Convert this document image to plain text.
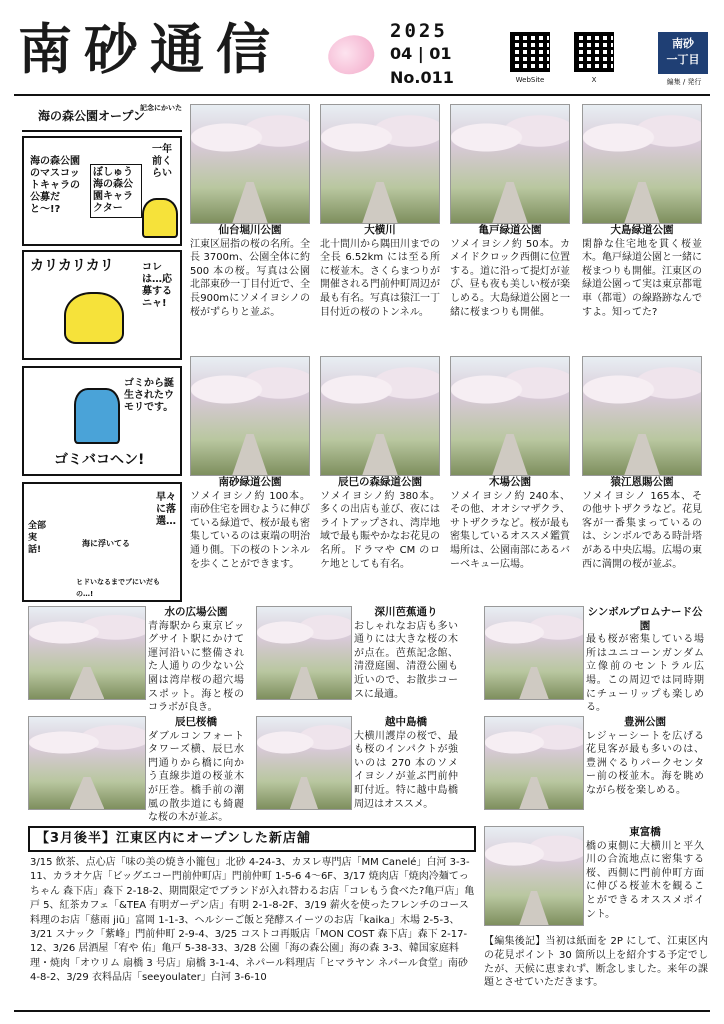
南砂通信	2025
04 | 01
No.011	WebSite	X
南砂
一丁目
編集 / 発行
海の森公園オープン
記念にかいた
海の森公園のマスコットキャラの公募だと〜!?
ぼしゅう海の森公園キャラクター
一年前くらい
カリカリカリ	コレは…応募するニャ!
ゴミから誕生されたウモリです。
ゴミバコヘン!
早々に落選…
海に浮いてる
全部実話!
ヒドいなるまでブにいだもの…!
仙台堀川公園
江東区屈指の桜の名所。全長 3700m、公園全体に約 500 本の桜。写真は公園北部東砂一丁目付近で、全長900mにソメイヨシノの桜がずらりと並ぶ。
大横川
北十間川から隅田川までの全長 6.52km には至る所に桜並木。さくらまつりが開催される門前仲町周辺が最も有名。写真は猿江一丁目付近の桜のトンネル。
亀戸緑道公園
ソメイヨシノ約 50本。カメイドクロック西側に位置する。道に沿って提灯が並び、昼も夜も美しい桜が楽しめる。大島緑道公園と一緒に桜まつりも開催。
大島緑道公園
閑静な住宅地を貫く桜並木。亀戸緑道公園と一緒に桜まつりも開催。江東区の緑道公園って実は東京都電車（都電）の線路跡なんですよ。知ってた?
南砂緑道公園
ソメイヨシノ約 100本。南砂住宅を囲むように伸びている緑道で、桜が最も密集しているのは東端の明治通り側。下の桜のトンネルを歩くことができます。
辰巳の森緑道公園
ソメイヨシノ約 380本。多くの出店も並び、夜にはライトアップされ、湾岸地域で最も賑やかなお花見の名所。ドラマや CM のロケ地としても有名。
木場公園
ソメイヨシノ約 240本、その他、オオシマザクラ、サトザクラなど。桜が最も密集しているオススメ鑑賞場所は、公園南部にあるバーベキュー広場。
猿江恩賜公園
ソメイヨシノ 165本、その他サトザクラなど。花見客が一番集まっているのは、シンボルである時計塔がある中央広場。広場の東西に満開の桜が並ぶ。
水の広場公園
青海駅から東京ビッグサイト駅にかけて運河沿いに整備された人通りの少ない公園は湾岸桜の超穴場スポット。海と桜のコラボが良き。
深川芭蕉通り
おしゃれなお店も多い通りには大きな桜の木が点在。芭蕉記念館、清澄庭園、清澄公園も近いので、お散歩コースに最適。
シンボルプロムナード公園
最も桜が密集している場所はユニコーンガンダム立像前のセントラル広場。この周辺では同時期にチューリップも楽しめる。
辰巳桜橋
ダブルコンフォートタワーズ横、辰巳水門通りから橋に向かう直線歩道の桜並木が圧巻。橋手前の潮風の散歩道にも綺麗な桜の木が並ぶ。
越中島橋
大横川護岸の桜で、最も桜のインパクトが強いのは 270 本のソメイヨシノが並ぶ門前仲町付近。特に越中島橋周辺はオススメ。
豊洲公園
レジャーシートを広げる花見客が最も多いのは、豊洲ぐるりパークセンター前の桜並木。海を眺めながら桜を楽しめる。
東富橋
橋の東側に大横川と平久川の合流地点に密集する桜、西側に門前仲町方面に伸びる桜並木を観ることができるオススメポイント。
【3月後半】江東区内にオープンした新店舗
3/15 飲茶、点心店「味の美の焼き小籠包」北砂 4-24-3、カヌレ専門店「MM Canelé」白河 3-3-11、カラオケ店「ビッグエコー門前仲町店」門前仲町 1-5-6 4〜6F、3/17 焼肉店「焼肉冷麺てっちゃん 森下店」森下 2-18-2、期間限定でブランドが入れ替わるお店「コレもう食べた?亀戸店」亀戸 5、紅茶カフェ「&TEA 有明ガーデン店」有明 2-1-8-2F、3/19 薪火を使ったフレンチのコース料理のお店「慈雨 jiū」富岡 1-1-3、ヘルシーご飯と発酵スイーツのお店「kaika」木場 2-5-3、3/21 スナック「紫峰」門前仲町 2-9-4、3/25 コストコ再販店「MON COST 森下店」森下 2-17-12、3/26 居酒屋「宥や 佑」亀戸 5-38-33、3/28 公園「海の森公園」海の森 3-3、韓国家庭料理・焼肉「オウリム 扇橋 3 号店」扇橋 3-1-4、ネパール料理店「ヒマラヤン ネパール食堂」南砂 4-8-2、3/29 衣料品店「seeyoulater」白河 3-6-10
【編集後記】当初は紙面を 2P にして、江東区内の花見ポイント 30 箇所以上を紹介する予定でしたが、天候に恵まれず、断念しました。来年の課題とさせていただきます。
